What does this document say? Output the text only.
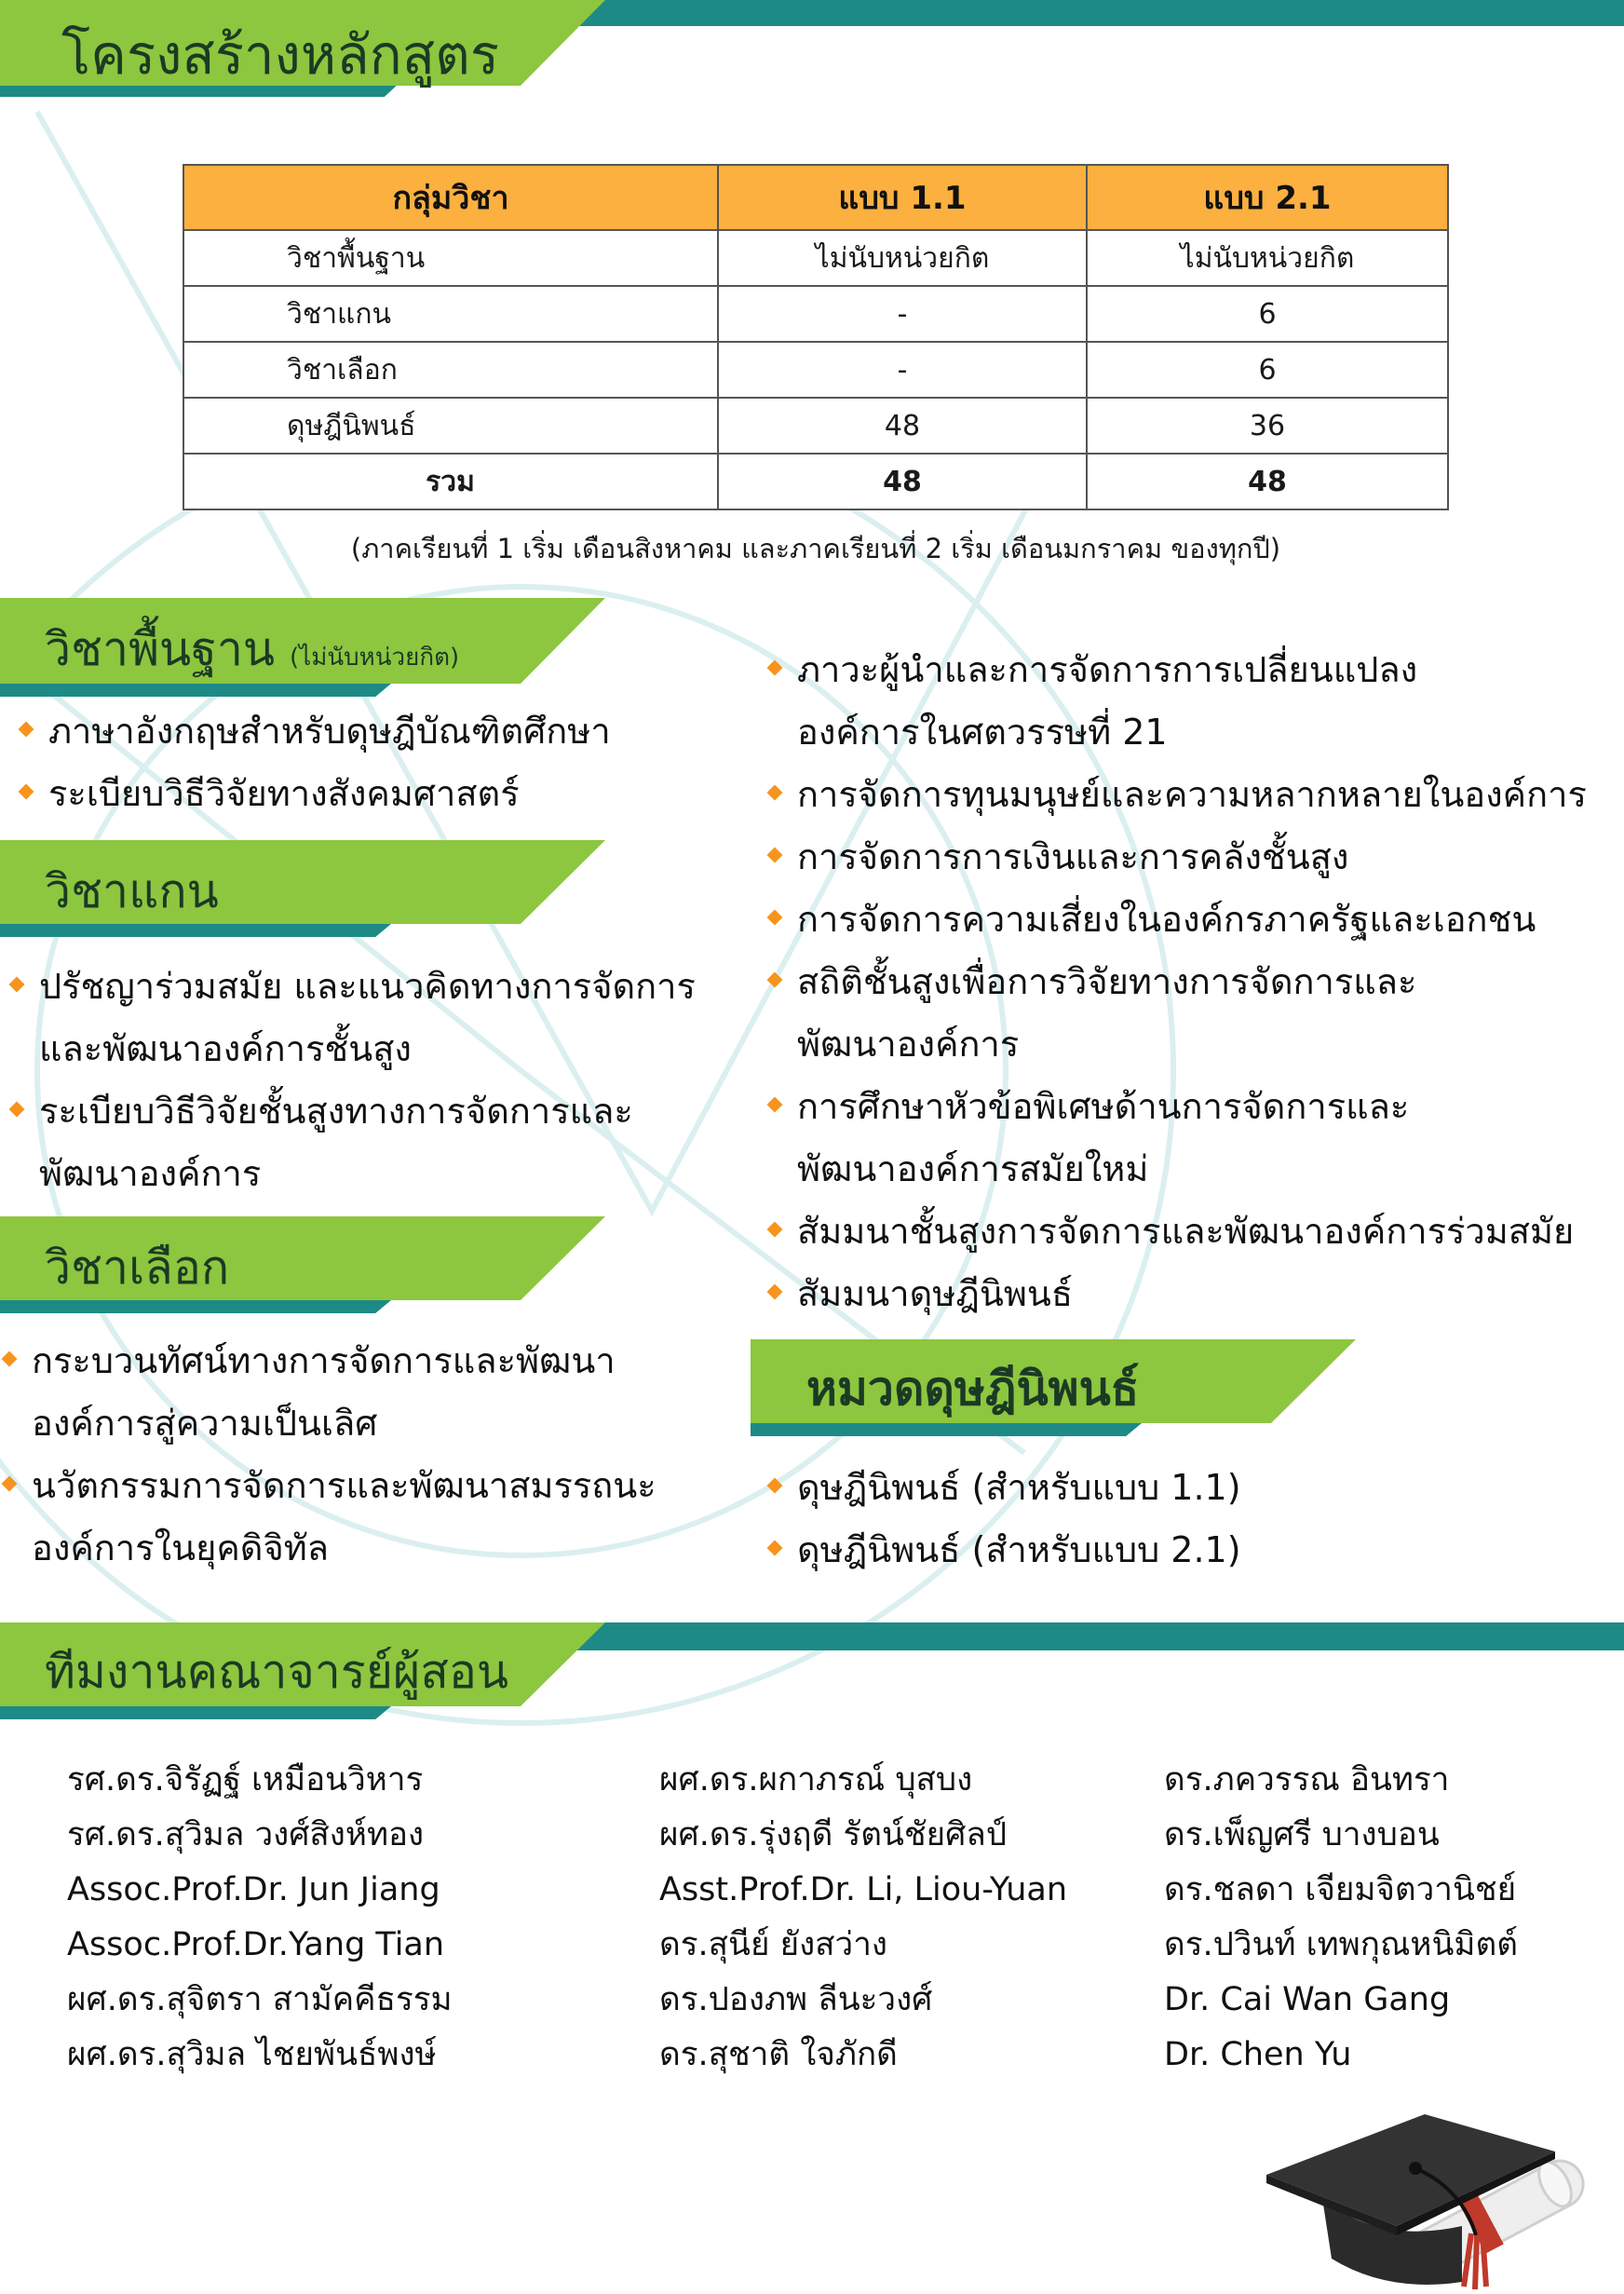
โครงสร้างหลักสูตร
กลุ่มวิชา	แบบ 1.1	แบบ 2.1
วิชาพื้นฐาน	ไม่นับหน่วยกิต	ไม่นับหน่วยกิต
วิชาแกน	-	6
วิชาเลือก	-	6
ดุษฎีนิพนธ์	48	36
รวม	48	48
(ภาคเรียนที่ 1 เริ่ม เดือนสิงหาคม และภาคเรียนที่ 2 เริ่ม เดือนมกราคม ของทุกปี)
วิชาพื้นฐาน (ไม่นับหน่วยกิต)
ภาษาอังกฤษสำหรับดุษฎีบัณฑิตศึกษา
ระเบียบวิธีวิจัยทางสังคมศาสตร์
วิชาแกน
ปรัชญาร่วมสมัย และแนวคิดทางการจัดการ
และพัฒนาองค์การชั้นสูง
ระเบียบวิธีวิจัยชั้นสูงทางการจัดการและ
พัฒนาองค์การ
วิชาเลือก
กระบวนทัศน์ทางการจัดการและพัฒนา
องค์การสู่ความเป็นเลิศ
นวัตกรรมการจัดการและพัฒนาสมรรถนะ
องค์การในยุคดิจิทัล
ภาวะผู้นำและการจัดการการเปลี่ยนแปลง
องค์การในศตวรรษที่ 21
การจัดการทุนมนุษย์และความหลากหลายในองค์การ
การจัดการการเงินและการคลังชั้นสูง
การจัดการความเสี่ยงในองค์กรภาครัฐและเอกชน
สถิติชั้นสูงเพื่อการวิจัยทางการจัดการและ
พัฒนาองค์การ
การศึกษาหัวข้อพิเศษด้านการจัดการและ
พัฒนาองค์การสมัยใหม่
สัมมนาชั้นสูงการจัดการและพัฒนาองค์การร่วมสมัย
สัมมนาดุษฎีนิพนธ์
หมวดดุษฎีนิพนธ์
ดุษฎีนิพนธ์ (สำหรับแบบ 1.1)
ดุษฎีนิพนธ์ (สำหรับแบบ 2.1)
ทีมงานคณาจารย์ผู้สอน
รศ.ดร.จิรัฏฐ์ เหมือนวิหาร
รศ.ดร.สุวิมล วงศ์สิงห์ทอง
Assoc.Prof.Dr. Jun Jiang
Assoc.Prof.Dr.Yang Tian
ผศ.ดร.สุจิตรา สามัคคีธรรม
ผศ.ดร.สุวิมล ไชยพันธ์พงษ์
ผศ.ดร.ผกาภรณ์ บุสบง
ผศ.ดร.รุ่งฤดี รัตน์ชัยศิลป์
Asst.Prof.Dr. Li, Liou-Yuan
ดร.สุนีย์ ยังสว่าง
ดร.ปองภพ ลีนะวงศ์
ดร.สุชาติ ใจภักดี
ดร.ภควรรณ อินทรา
ดร.เพ็ญศรี บางบอน
ดร.ชลดา เจียมจิตวานิชย์
ดร.ปวินท์ เทพกุณหนิมิตต์
Dr. Cai Wan Gang
Dr. Chen Yu
